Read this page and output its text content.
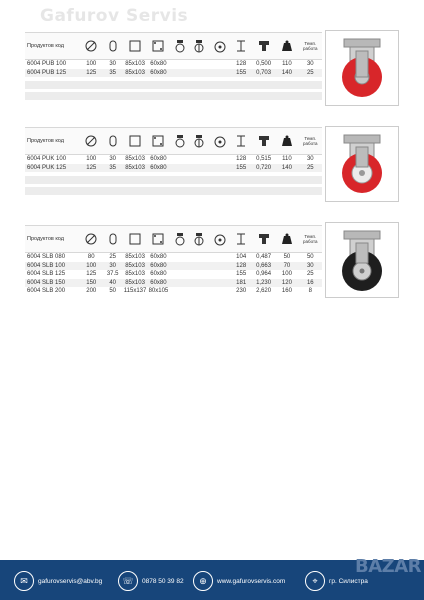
Gafurov Servis
Продуктов код	Темп. работа
6004 PUB 100	100	30	85x103 60x80	128	0,500	110	30
6004 PUB 125	125	35	85x103 60x80	155	0,703	140	25
Продуктов код	Темп. работа
6004 PUK 100	100	30	85x103 60x80	128	0,515	110	30
6004 PUK 125	125	35	85x103 60x80	155	0,720	140	25
Продуктов код	Темп. работа
6004 SLB 080	80	25	85x103 60x80	104	0,487	50	50
6004 SLB 100	100	30	85x103 60x80	128	0,663	70	30
6004 SLB 125	125	37.5	85x103 60x80	155	0,964	100	25
6004 SLB 150	150	40	85x103 60x80	181	1,230	120	16
6004 SLB 200	200	50	115x137 80x105	230	2,620	160	8
✉	gafurovservis@abv.bg	☏	0878 50 39 82	⊕	www.gafurovservis.com	⌖	гр. Силистра
BAZAR
